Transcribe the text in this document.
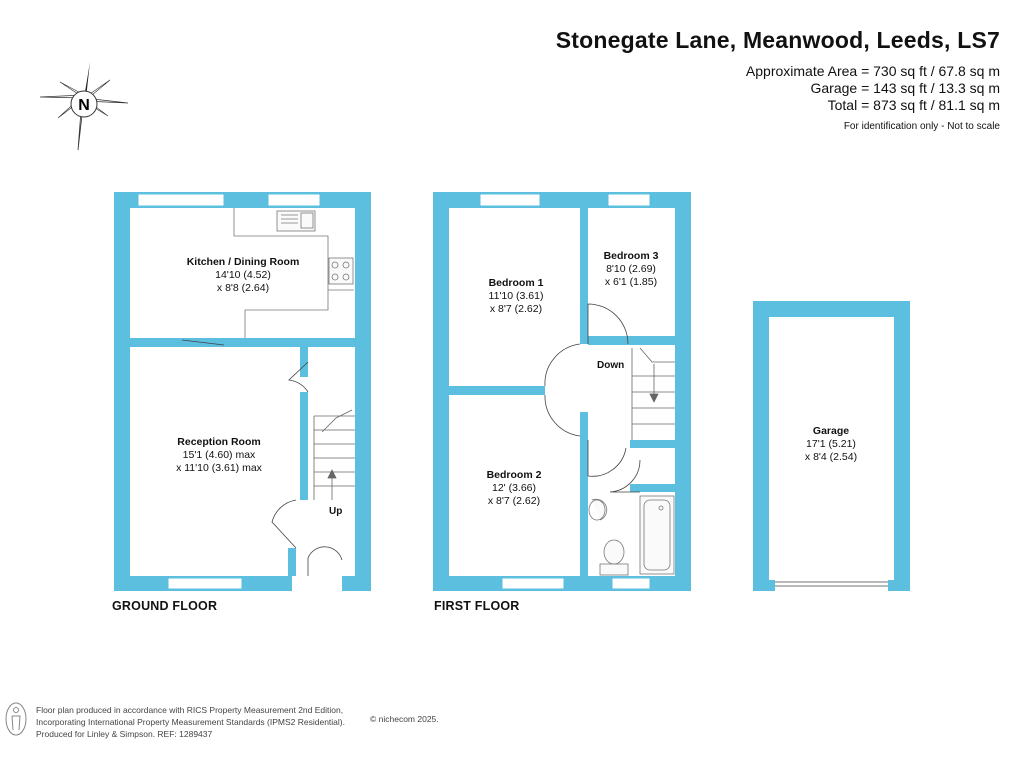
N
Stonegate Lane, Meanwood, Leeds, LS7
Approximate Area = 730 sq ft / 67.8 sq m
Garage = 143 sq ft / 13.3 sq m
Total = 873 sq ft / 81.1 sq m
For identification only - Not to scale
Kitchen / Dining Room
14'10 (4.52)
x 8'8 (2.64)
Reception Room
15'1 (4.60) max
x 11'10 (3.61) max
Up
GROUND FLOOR
Bedroom 1
11'10 (3.61)
x 8'7 (2.62)
Bedroom 3
8'10 (2.69)
x 6'1 (1.85)
Bedroom 2
12' (3.66)
x 8'7 (2.62)
Down
FIRST FLOOR
Garage
17'1 (5.21)
x 8'4 (2.54)
Floor plan produced in accordance with RICS Property Measurement 2nd Edition,
Incorporating International Property Measurement Standards (IPMS2 Residential).
Produced for Linley & Simpson. REF: 1289437
© nichecom 2025.
